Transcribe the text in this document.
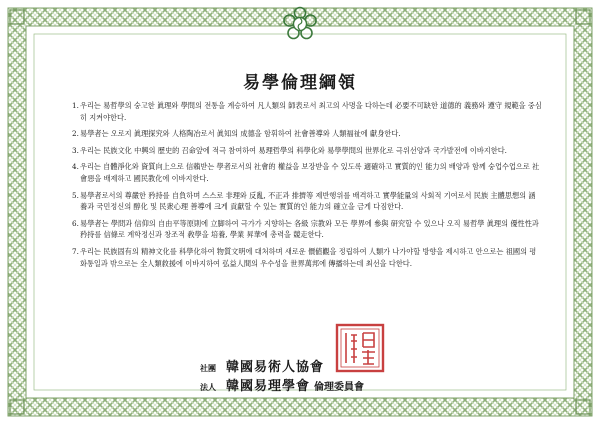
易學倫理綱領
1. 우리는 易哲學의 숭고한 眞理와 學問의 전통을 계승하여 凡人類의 師表로서 최고의 사명을 다하는데 必要不可缺한 道德的 義務와 遵守 規範을 중심히 지켜야한다.
2. 易學者는 오로지 眞理探究와 人格陶冶로서 眞知의 成德을 함휘하여 社會善導와 人類福祉에 獻身한다.
3. 우리는 民族文化 中興의 歷史的 召命앞에 적극 참여하여 易理哲學의 科學化와 易學學問의 世界化로 극위선양과 국가발전에 이바지한다.
4. 우리는 自體淨化와 資質向上으로 信賴받는 學者로서의 社會的 權益을 보장받을 수 있도록 適確하고 實質的인 能力의 배양과 함께 숭업수업으로 社會惡을 배제하고 國民教化에 이바지한다.
5. 易學者로서의 尊嚴한 矜持를 自負하며 스스로 非理와 反亂, 不正과 排擠等 제반행위를 배격하고 實學能量의 사회적 기여로서 民族 主體思想의 涵養과 국민정신의 醇化 및 民衆心理 善導에 크게 貢獻할 수 있는 實質的인 能力의 確立을 금게 다짐한다.
6. 易學者는 學問과 信仰의 自由平等原則에 立脚하여 극가가 지향하는 各級 宗教와 모든 學界에 參與 研究할 수 있으나 오직 易哲學 眞理의 優性性과 矜持를 信條로 계학정신과 창조적 敎學을 培養, 學業 昇華에 총력을 競走한다.
7. 우리는 民族固有의 精神文化를 科學化하여 物質文明에 대처하며 새로운 價値觀을 정립하여 人類가 나가야할 방향을 제시하고 안으로는 祖國의 평화통일과 밖으로는 全人類救援에 이바지하여 弘益人間의 우수성을 世界萬邦에 傳播하는데 최선을 다한다.
社團 韓國易術人協會
法人 韓國易理學會 倫理委員會
